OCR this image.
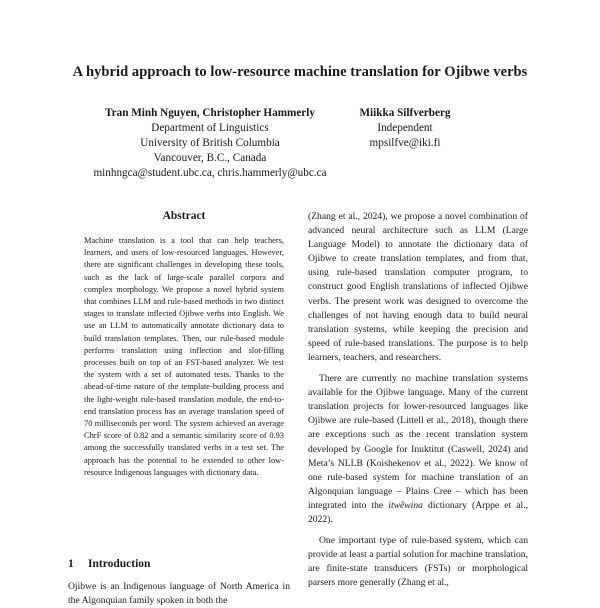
A hybrid approach to low-resource machine translation for Ojibwe verbs
Tran Minh Nguyen, Christopher Hammerly
Department of Linguistics
University of British Columbia
Vancouver, B.C., Canada
minhngca@student.ubc.ca, chris.hammerly@ubc.ca
Miikka Silfverberg
Independent
mpsilfve@iki.fi
Abstract

Machine translation is a tool that can help teachers, learners, and users of low-resourced languages. However, there are significant challenges in developing these tools, such as the lack of large-scale parallel corpora and complex morphology. We propose a novel hybrid system that combines LLM and rule-based methods in two distinct stages to translate inflected Ojibwe verbs into English. We use an LLM to automatically annotate dictionary data to build translation templates. Then, our rule-based module performs translation using inflection and slot-filling processes built on top of an FST-based analyzer. We test the system with a set of automated tests. Thanks to the ahead-of-time nature of the template-building process and the light-weight rule-based translation module, the end-to-end translation process has an average translation speed of 70 milliseconds per word. The system achieved an average ChrF score of 0.82 and a semantic similarity score of 0.93 among the successfully translated verbs in a test set. The approach has the potential to be extended to other low-resource Indigenous languages with dictionary data.

1 Introduction

Ojibwe is an Indigenous language of North America in the Algonquian family spoken in both the

(Zhang et al., 2024), we propose a novel combination of advanced neural architecture such as LLM (Large Language Model) to annotate the dictionary data of Ojibwe to create translation templates, and from that, using rule-based translation computer program, to construct good English translations of inflected Ojibwe verbs. The present work was designed to overcome the challenges of not having enough data to build neural translation systems, while keeping the precision and speed of rule-based translations. The purpose is to help learners, teachers, and researchers.

There are currently no machine translation systems available for the Ojibwe language. Many of the current translation projects for lower-resourced languages like Ojibwe are rule-based (Littell et al., 2018), though there are exceptions such as the recent translation system developed by Google for Inuktitut (Caswell, 2024) and Meta’s NLLB (Koishekenov et al., 2022). We know of one rule-based system for machine translation of an Algonquian language – Plains Cree – which has been integrated into the itwêwina dictionary (Arppe et al., 2022).

One important type of rule-based system, which can provide at least a partial solution for machine translation, are finite-state transducers (FSTs) or morphological parsers more generally (Zhang et al.,
